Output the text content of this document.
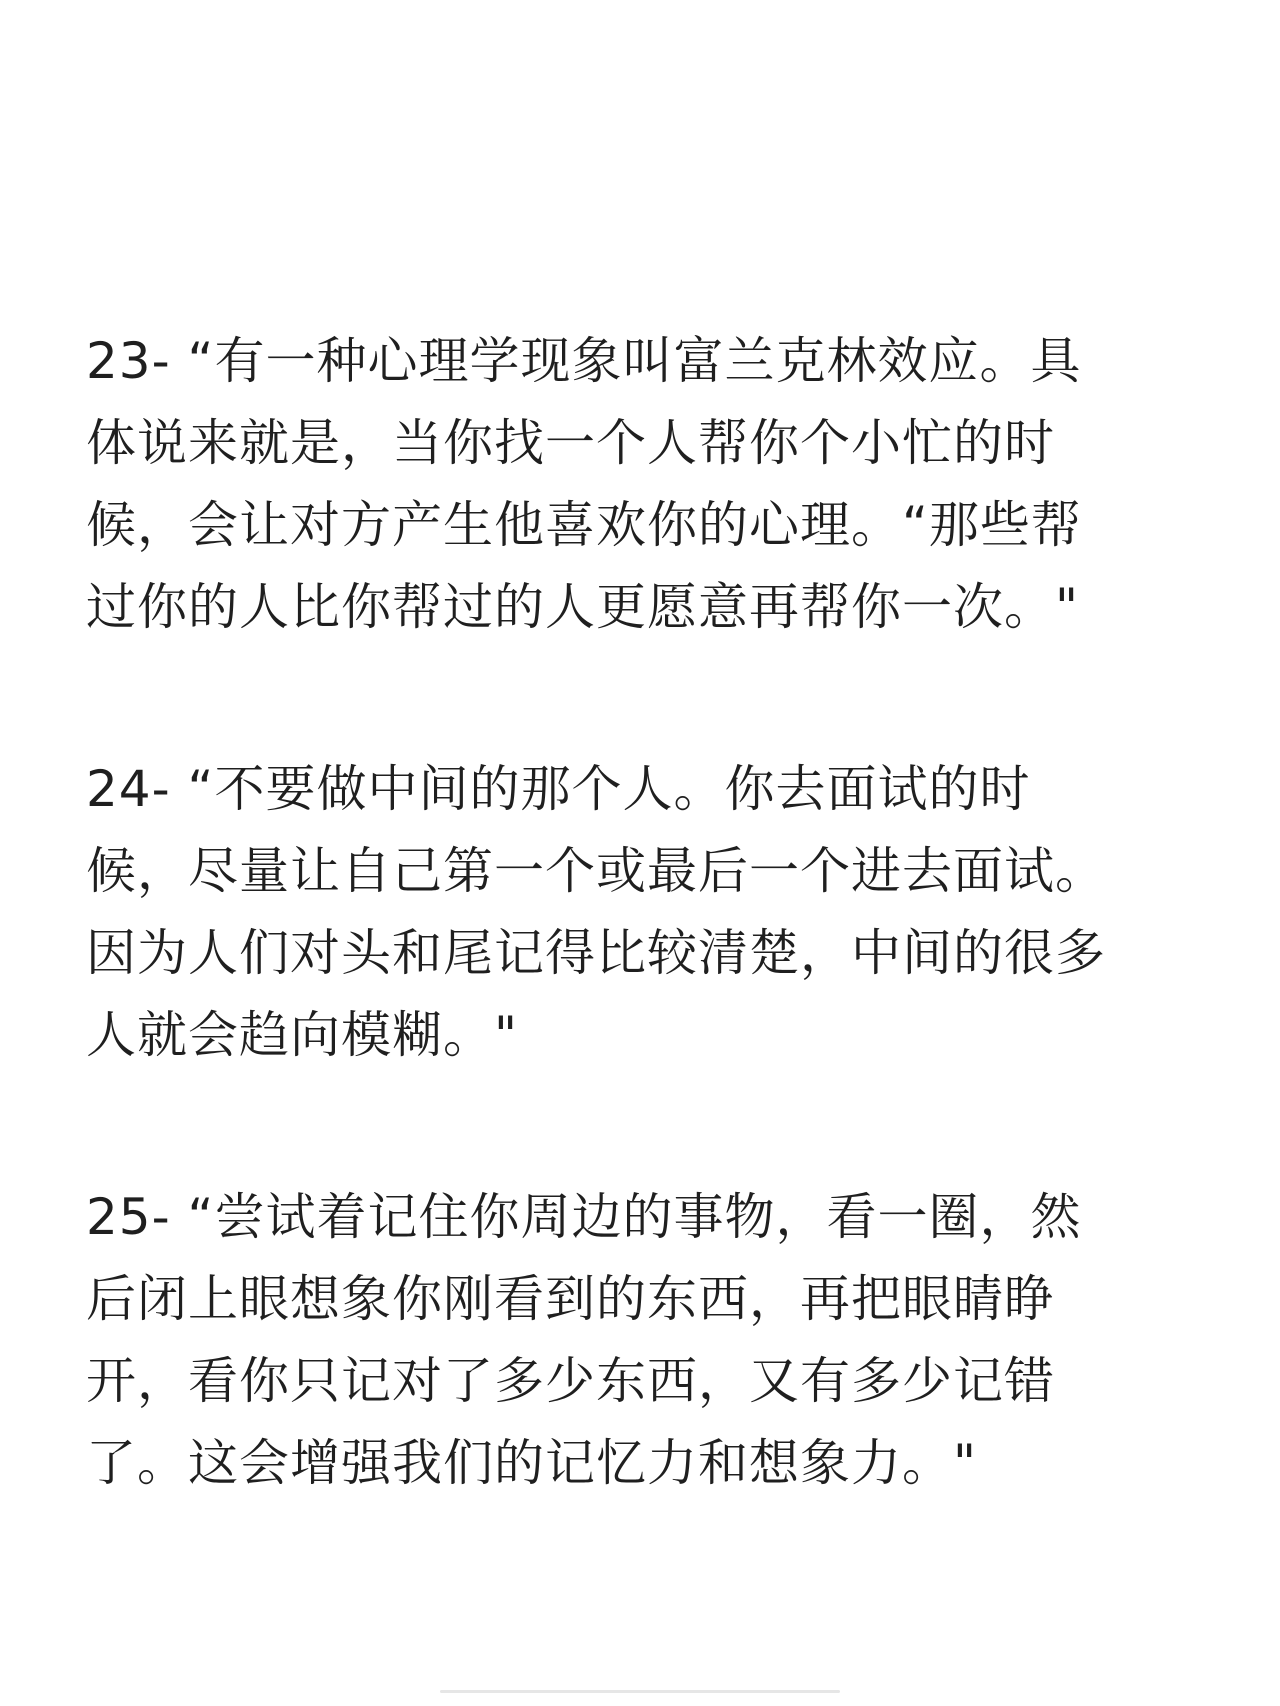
23- “有一种心理学现象叫富兰克林效应。具
体说来就是，当你找一个人帮你个小忙的时
候，会让对方产生他喜欢你的心理。“那些帮
过你的人比你帮过的人更愿意再帮你一次。"
24- “不要做中间的那个人。你去面试的时
候，尽量让自己第一个或最后一个进去面试。
因为人们对头和尾记得比较清楚，中间的很多
人就会趋向模糊。"
25- “尝试着记住你周边的事物，看一圈，然
后闭上眼想象你刚看到的东西，再把眼睛睁
开，看你只记对了多少东西，又有多少记错
了。这会增强我们的记忆力和想象力。"
